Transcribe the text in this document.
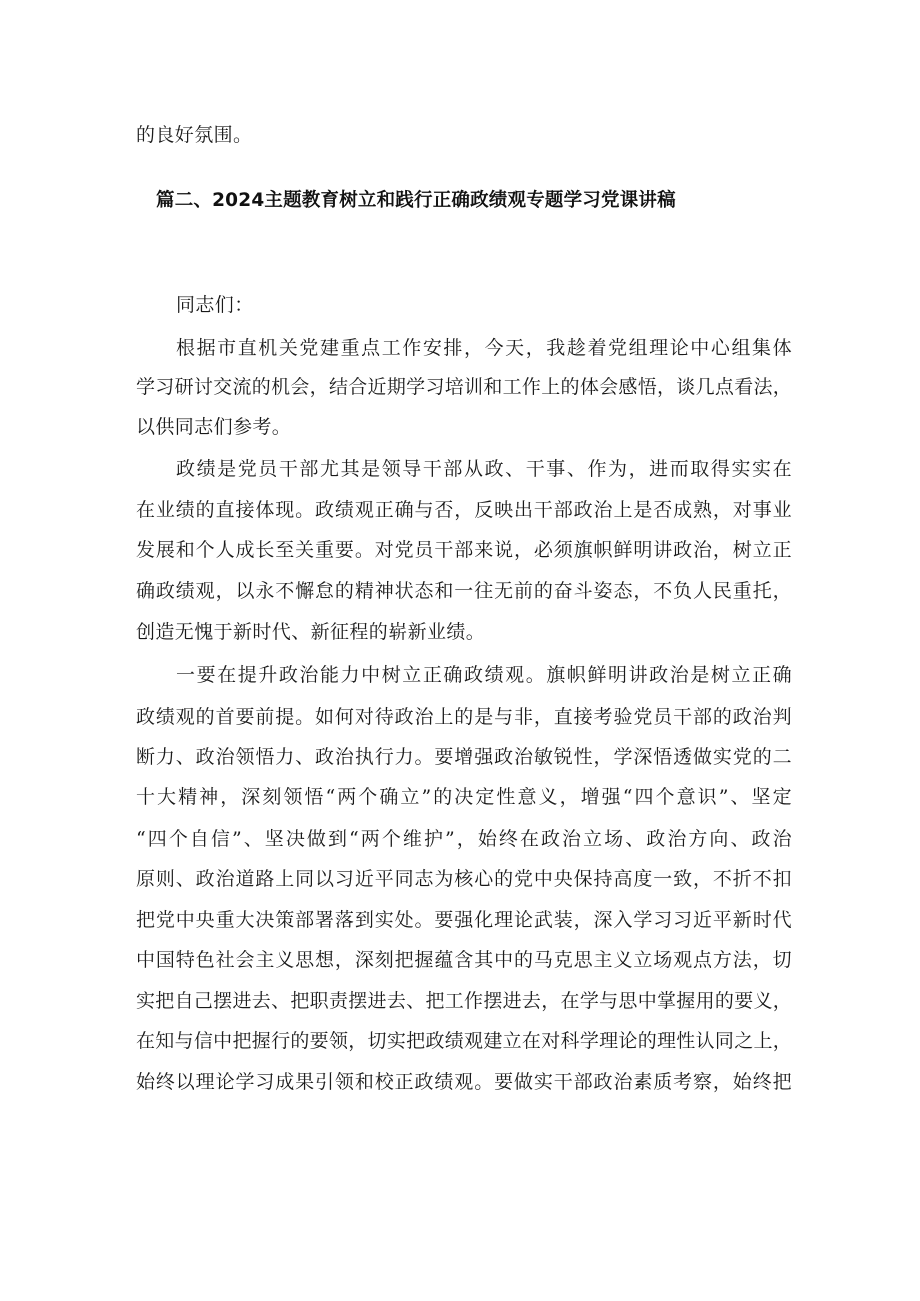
的良好氛围。
篇二、2024主题教育树立和践行正确政绩观专题学习党课讲稿
同志们：
根据市直机关党建重点工作安排，今天，我趁着党组理论中心组集体
学习研讨交流的机会，结合近期学习培训和工作上的体会感悟，谈几点看法，
以供同志们参考。
政绩是党员干部尤其是领导干部从政、干事、作为，进而取得实实在
在业绩的直接体现。政绩观正确与否，反映出干部政治上是否成熟，对事业
发展和个人成长至关重要。对党员干部来说，必须旗帜鲜明讲政治，树立正
确政绩观，以永不懈怠的精神状态和一往无前的奋斗姿态，不负人民重托，
创造无愧于新时代、新征程的崭新业绩。
一要在提升政治能力中树立正确政绩观。旗帜鲜明讲政治是树立正确
政绩观的首要前提。如何对待政治上的是与非，直接考验党员干部的政治判
断力、政治领悟力、政治执行力。要增强政治敏锐性，学深悟透做实党的二
十大精神，深刻领悟“两个确立”的决定性意义，增强“四个意识”、坚定
“四个自信”、坚决做到“两个维护”，始终在政治立场、政治方向、政治
原则、政治道路上同以习近平同志为核心的党中央保持高度一致，不折不扣
把党中央重大决策部署落到实处。要强化理论武装，深入学习习近平新时代
中国特色社会主义思想，深刻把握蕴含其中的马克思主义立场观点方法，切
实把自己摆进去、把职责摆进去、把工作摆进去，在学与思中掌握用的要义，
在知与信中把握行的要领，切实把政绩观建立在对科学理论的理性认同之上，
始终以理论学习成果引领和校正政绩观。要做实干部政治素质考察，始终把
